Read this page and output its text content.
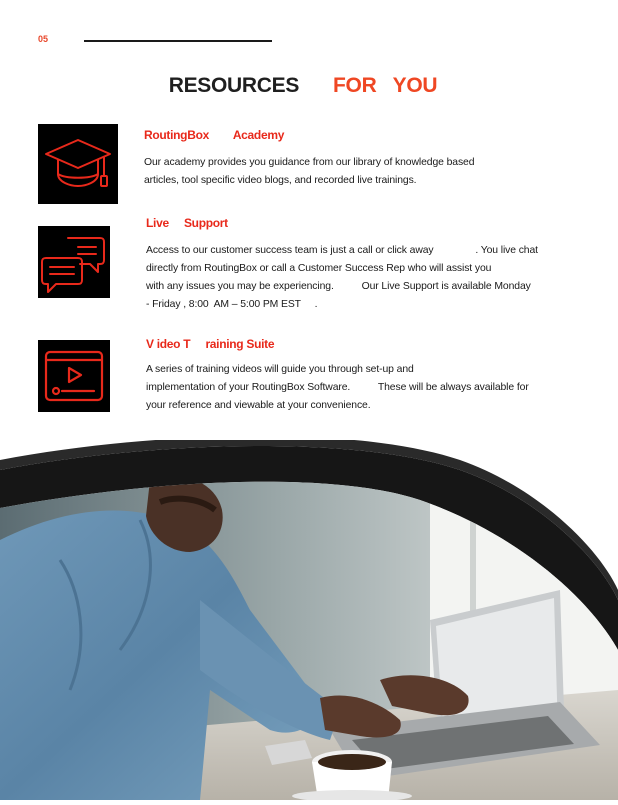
05
RESOURCES FOR   YOU
RoutingBox        Academy
Our academy provides you guidance from our library of knowledge based
articles, tool specific video blogs, and recorded live trainings.
Live     Support
Access to our customer success team is just a call or click away               . You live chat
directly from RoutingBox or call a Customer Success Rep who will assist you
with any issues you may be experiencing.          Our Live Support is available Monday
- Friday , 8:00  AM – 5:00 PM EST     .
V ideo T     raining Suite
A series of training videos will guide you through set-up and
implementation of your RoutingBox Software.          These will be always available for
your reference and viewable at your convenience.
